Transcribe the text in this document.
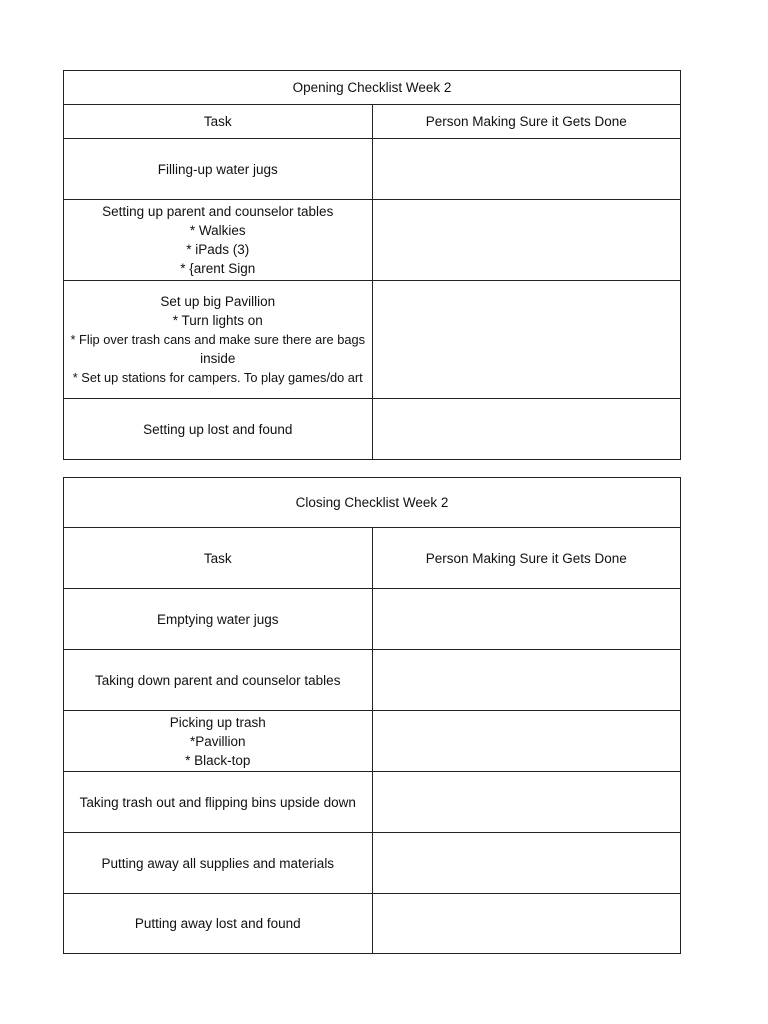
Opening Checklist Week 2	
Task	Person Making Sure it Gets Done

Filling-up water jugs	

Setting up parent and counselor tables
* Walkies
* iPads (3)
* {arent Sign	

Set up big Pavillion
* Turn lights on
* Flip over trash cans and make sure there are bags
inside
* Set up stations for campers. To play games/do art	

Setting up lost and found	

Closing Checklist Week 2	
Task	Person Making Sure it Gets Done

Emptying water jugs	

Taking down parent and counselor tables	

Picking up trash
*Pavillion
* Black-top	

Taking trash out and flipping bins upside down	

Putting away all supplies and materials	

Putting away lost and found	
